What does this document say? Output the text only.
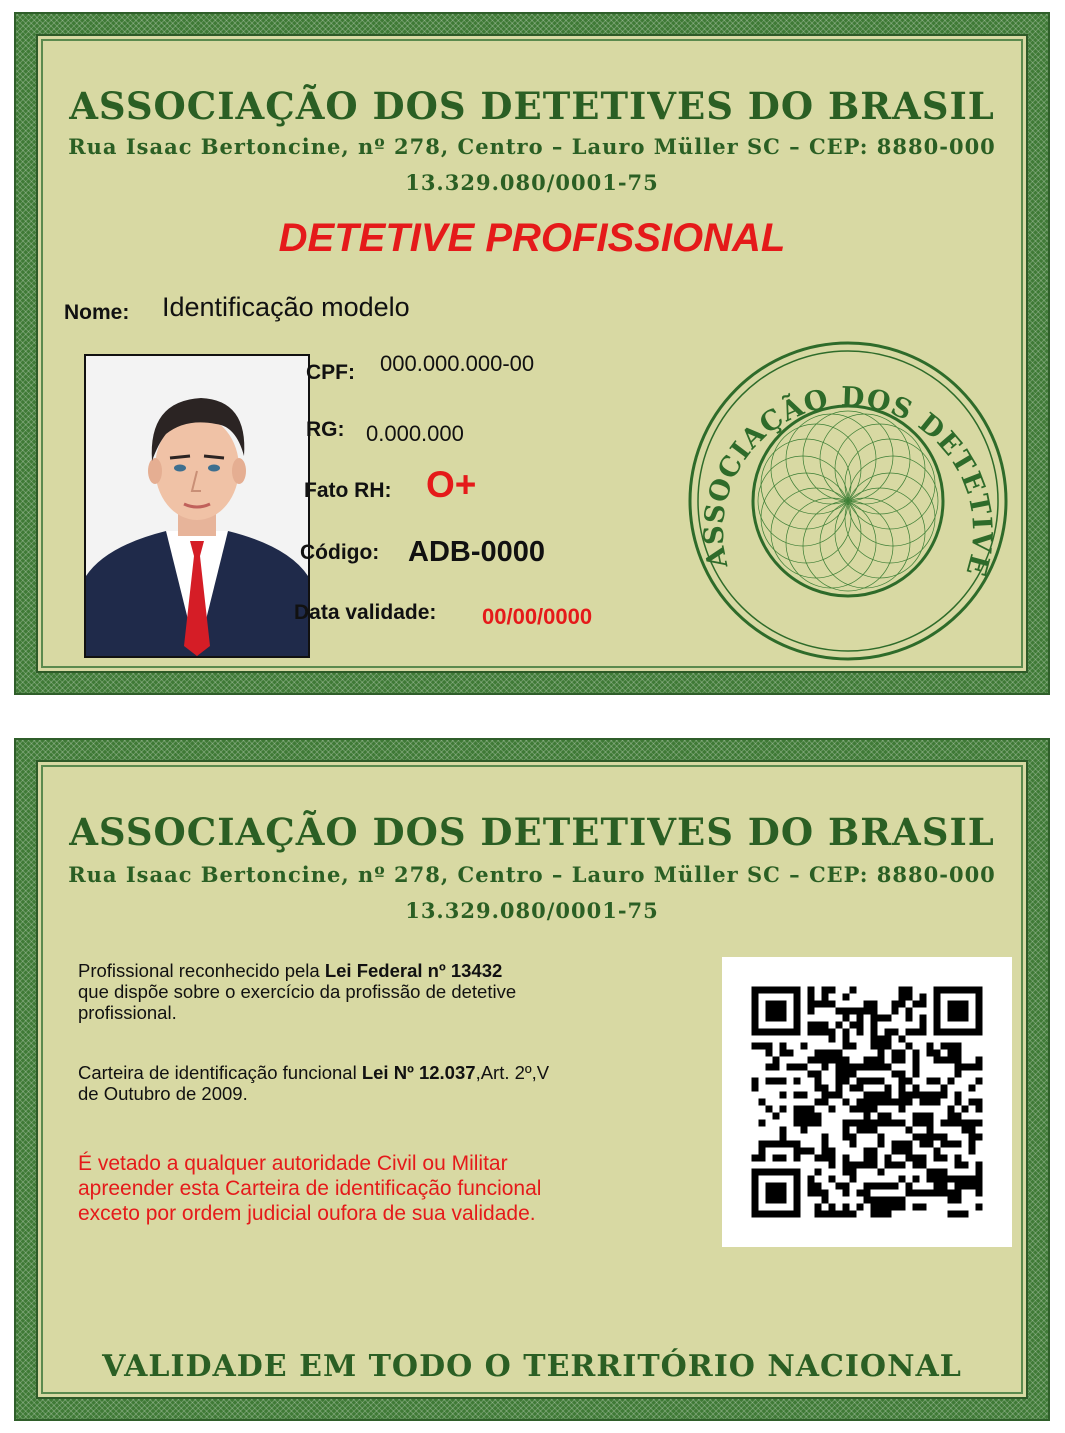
ASSOCIAÇÃO DOS DETETIVES DO BRASIL
Rua Isaac Bertoncine, nº 278, Centro – Lauro Müller SC – CEP: 8880-000
13.329.080/0001-75
DETETIVE PROFISSIONAL
Nome: Identificação modelo
CPF: 000.000.000-00
RG: 0.000.000
Fato RH: O+
Código: ADB-0000
Data validade: 00/00/0000
ASSOCIAÇÃO DOS DETETIVE
ASSOCIAÇÃO DOS DETETIVES DO BRASIL
Rua Isaac Bertoncine, nº 278, Centro – Lauro Müller SC – CEP: 8880-000
13.329.080/0001-75
Profissional reconhecido pela Lei Federal nº 13432
que dispõe sobre o exercício da profissão de detetive
profissional.
Carteira de identificação funcional Lei Nº 12.037,Art. 2º,V
de Outubro de 2009.
É vetado a qualquer autoridade Civil ou Militar
apreender esta Carteira de identificação funcional
exceto por ordem judicial oufora de sua validade.
VALIDADE EM TODO O TERRITÓRIO NACIONAL
